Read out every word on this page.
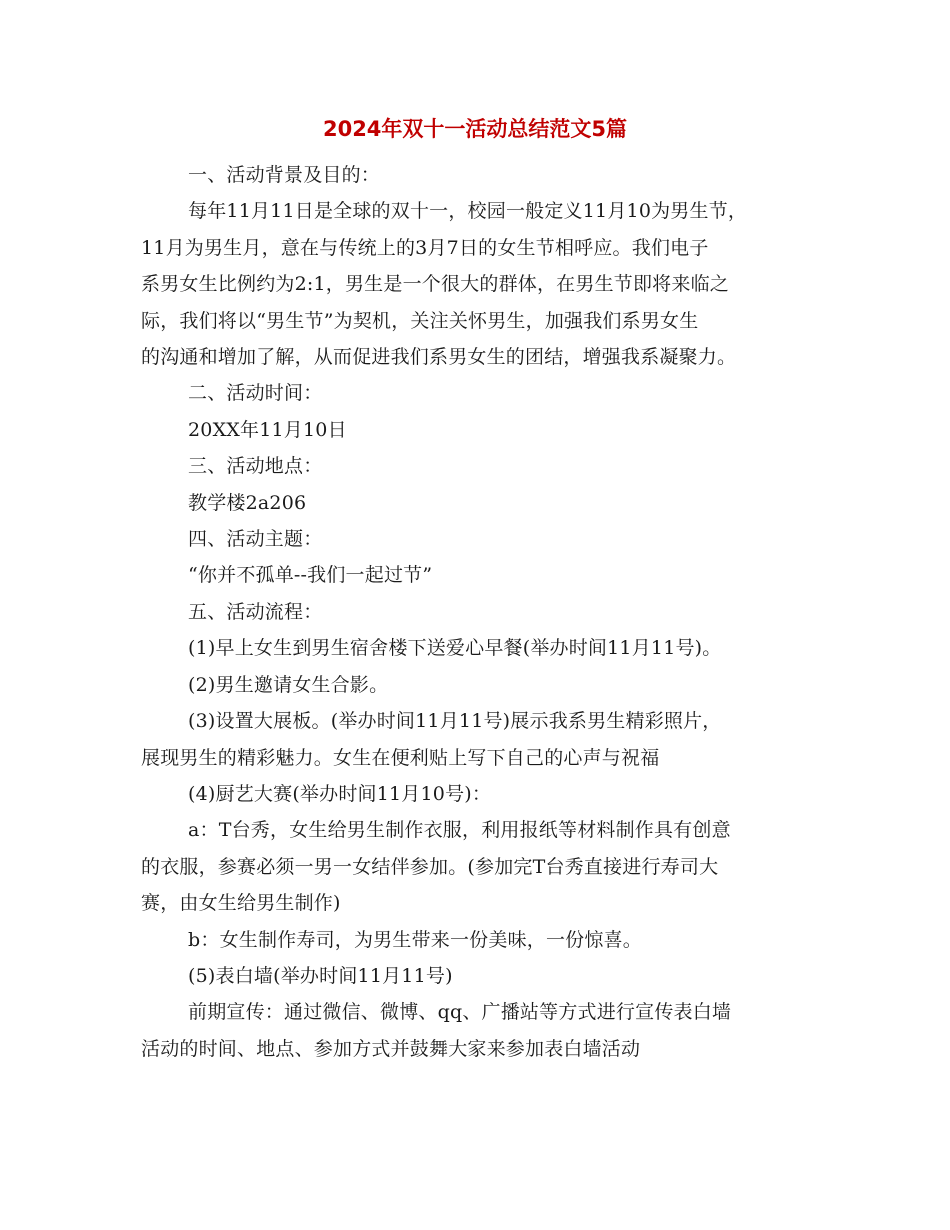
2024年双十一活动总结范文5篇

一、活动背景及目的：

每年11月11日是全球的双十一，校园一般定义11月10为男生节，
11月为男生月，意在与传统上的3月7日的女生节相呼应。我们电子
系男女生比例约为2:1，男生是一个很大的群体，在男生节即将来临之
际，我们将以“男生节”为契机，关注关怀男生，加强我们系男女生
的沟通和增加了解，从而促进我们系男女生的团结，增强我系凝聚力。

二、活动时间：

20XX年11月10日

三、活动地点：

教学楼2a206

四、活动主题：

“你并不孤单--我们一起过节”

五、活动流程：

(1)早上女生到男生宿舍楼下送爱心早餐(举办时间11月11号)。

(2)男生邀请女生合影。

(3)设置大展板。(举办时间11月11号)展示我系男生精彩照片，
展现男生的精彩魅力。女生在便利贴上写下自己的心声与祝福

(4)厨艺大赛(举办时间11月10号)：

a：T台秀，女生给男生制作衣服，利用报纸等材料制作具有创意
的衣服，参赛必须一男一女结伴参加。(参加完T台秀直接进行寿司大
赛，由女生给男生制作)

b：女生制作寿司，为男生带来一份美味，一份惊喜。

(5)表白墙(举办时间11月11号)

前期宣传：通过微信、微博、qq、广播站等方式进行宣传表白墙
活动的时间、地点、参加方式并鼓舞大家来参加表白墙活动
